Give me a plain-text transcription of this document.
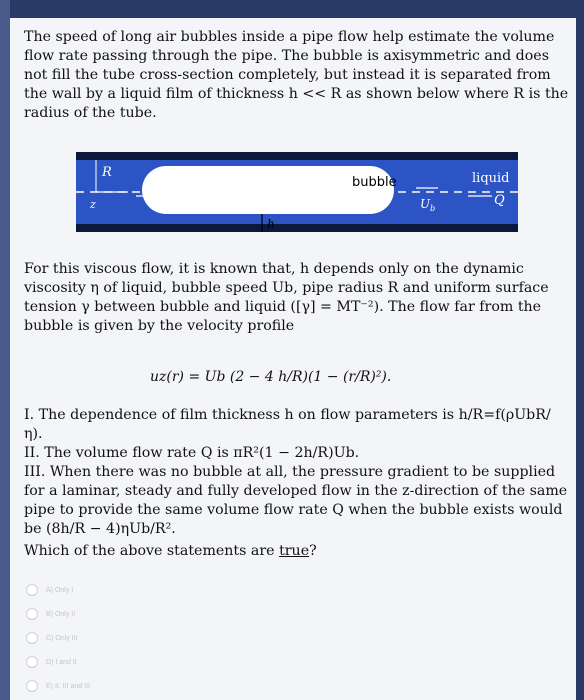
The speed of long air bubbles inside a pipe flow help estimate the volume flow rate passing through the pipe. The bubble is axisymmetric and does not fill the tube cross-section completely, but instead it is separated from the wall by a liquid film of thickness h << R as shown below where R is the radius of the tube.
R
z	Q
bubble	liquid
Q
$U_b$
h
For this viscous flow, it is known that, h depends only on the dynamic viscosity η of liquid, bubble speed Ub, pipe radius R and uniform surface tension γ between bubble and liquid ([γ] = MT⁻²). The flow far from the bubble is given by the velocity profile
uz(r) = Ub (2 − 4 h/R)(1 − (r/R)²).
I. The dependence of film thickness h on flow parameters is h/R=f(ρUbR/η).
II. The volume flow rate Q is πR²(1 − 2h/R)Ub.
III. When there was no bubble at all, the pressure gradient to be supplied for a laminar, steady and fully developed flow in the z-direction of the same pipe to provide the same volume flow rate Q when the bubble exists would be (8h/R − 4)ηUb/R².
Which of the above statements are true?
A) Only I
B) Only II
C) Only III
D) I and II
E) II, III and III
